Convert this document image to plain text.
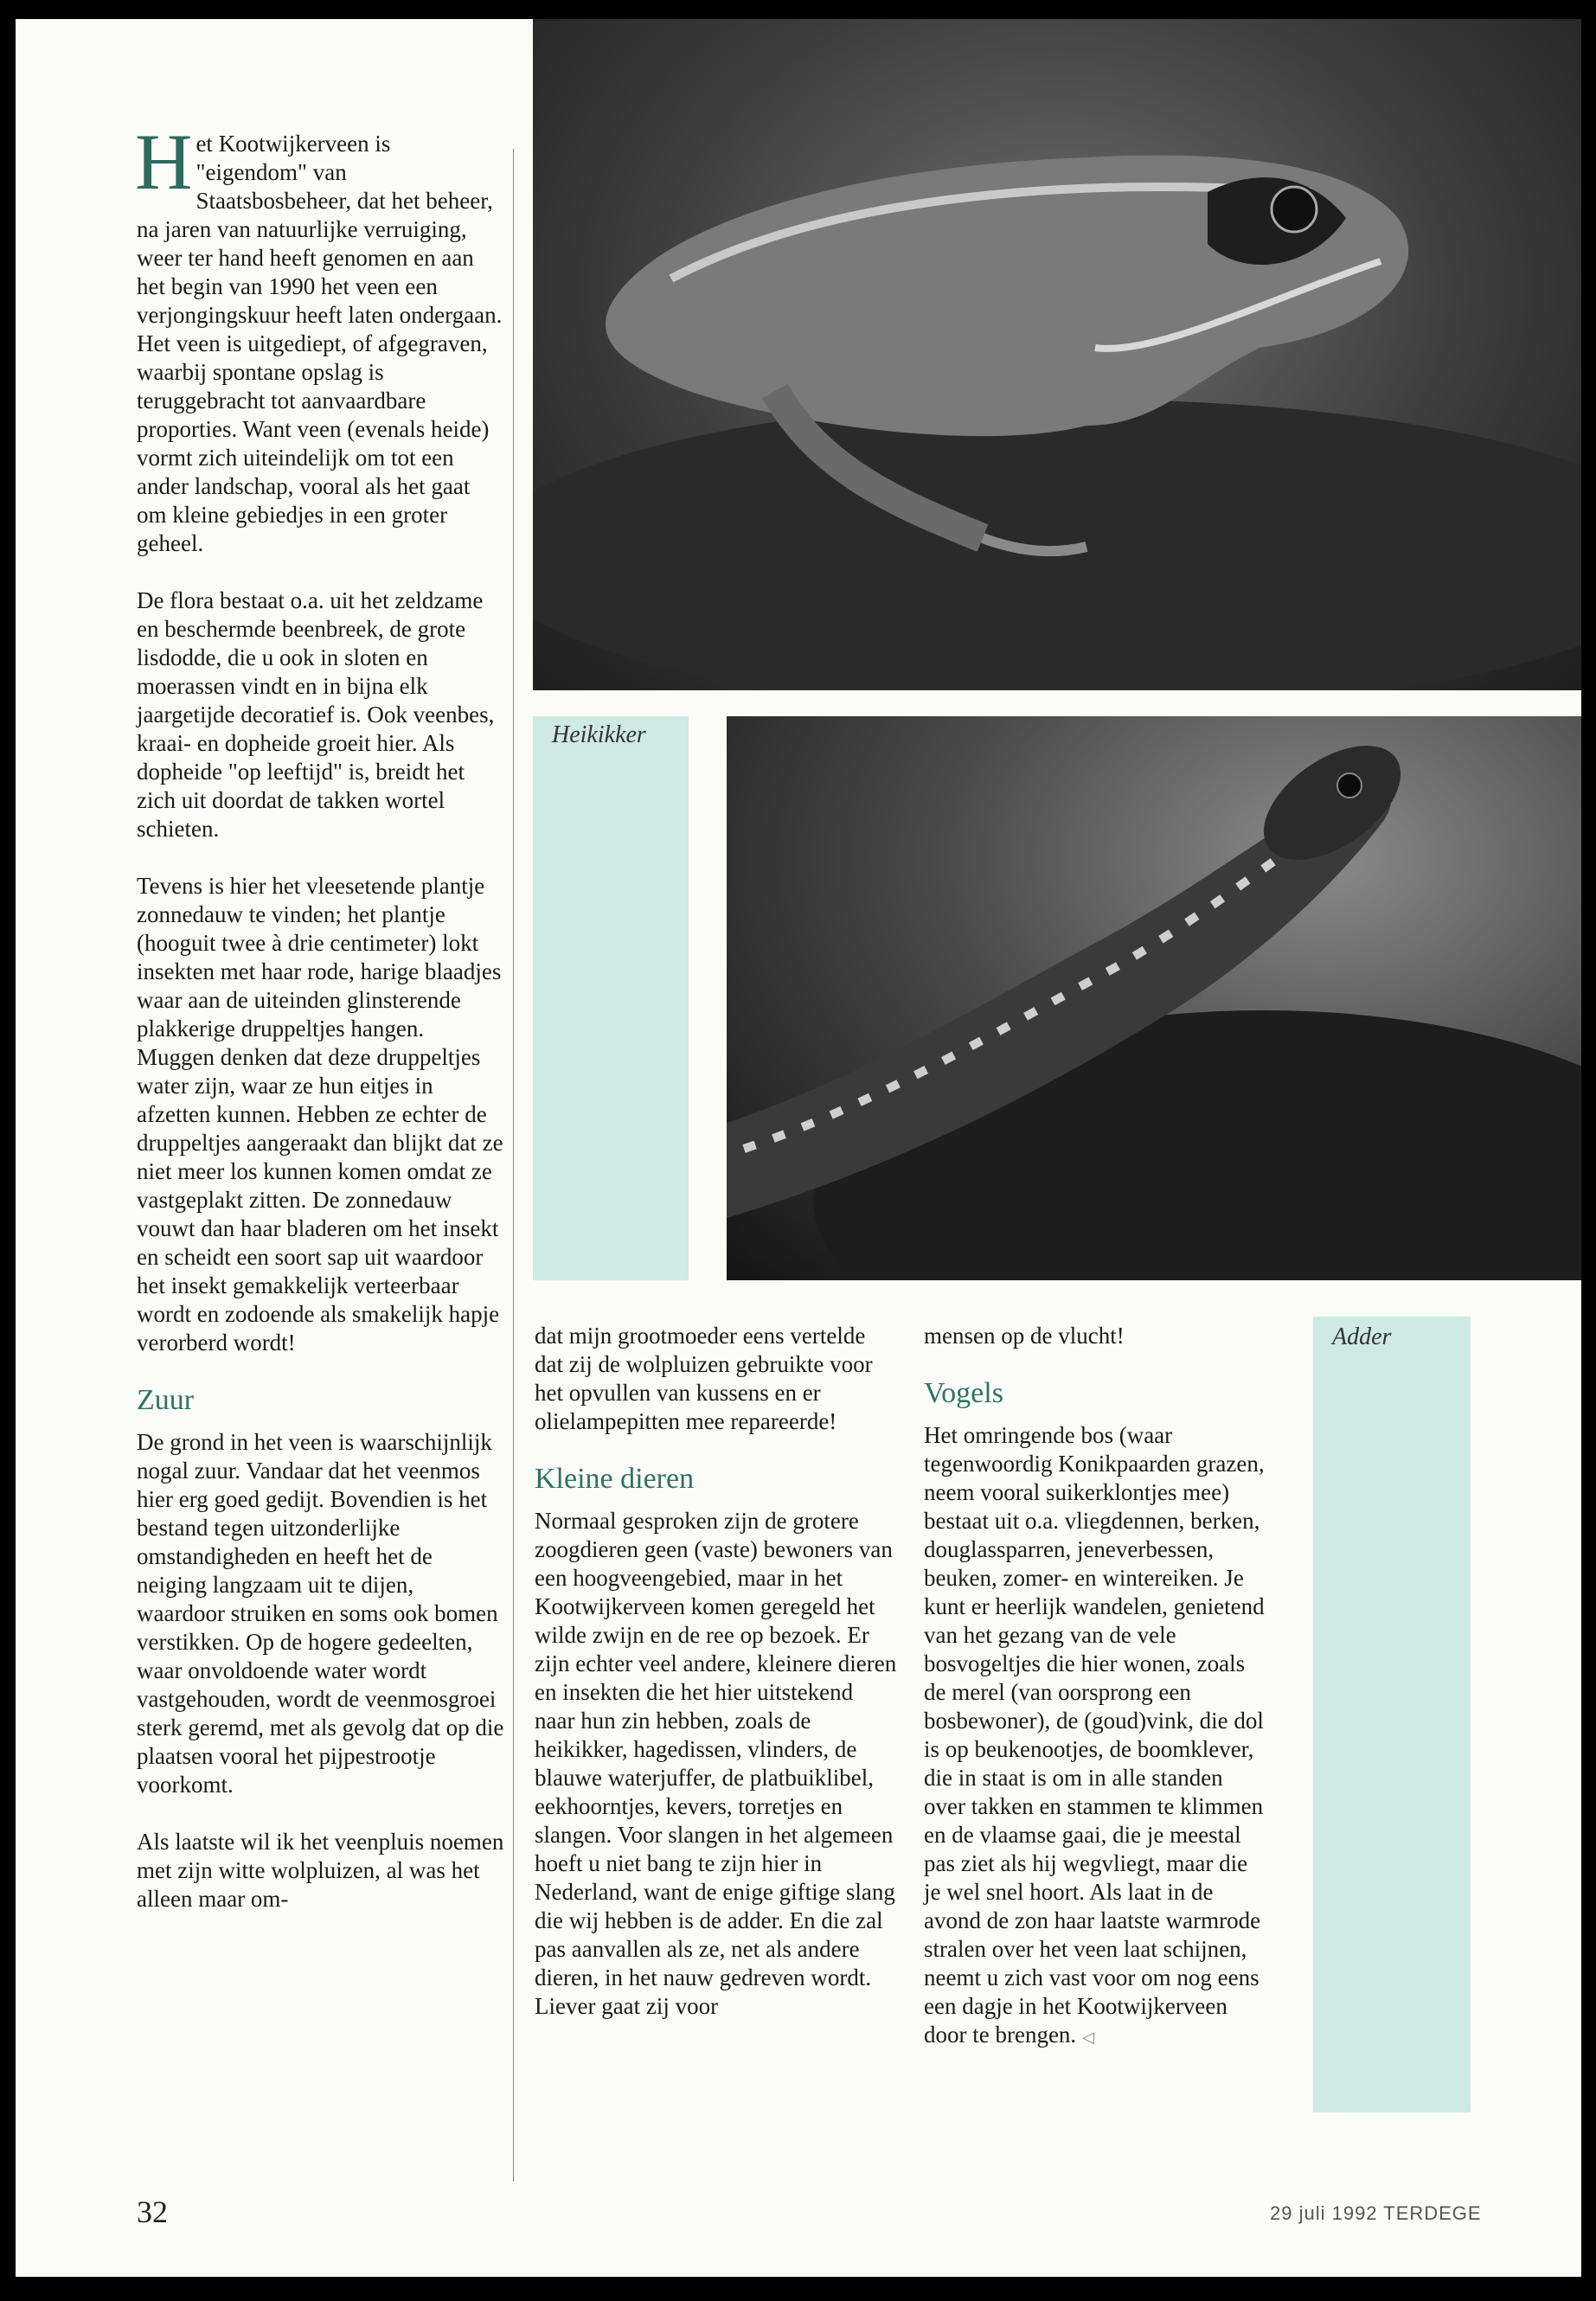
Het Kootwijkerveen is "eigendom" van Staatsbosbeheer, dat het beheer, na jaren van natuurlijke verruiging, weer ter hand heeft genomen en aan het begin van 1990 het veen een verjongingskuur heeft laten ondergaan. Het veen is uitgediept, of afgegraven, waarbij spontane opslag is teruggebracht tot aanvaardbare proporties. Want veen (evenals heide) vormt zich uiteindelijk om tot een ander landschap, vooral als het gaat om kleine gebiedjes in een groter geheel.

De flora bestaat o.a. uit het zeldzame en beschermde beenbreek, de grote lisdodde, die u ook in sloten en moerassen vindt en in bijna elk jaargetijde decoratief is. Ook veenbes, kraai- en dopheide groeit hier. Als dopheide "op leeftijd" is, breidt het zich uit doordat de takken wortel schieten.

Tevens is hier het vleesetende plantje zonnedauw te vinden; het plantje (hooguit twee à drie centimeter) lokt insekten met haar rode, harige blaadjes waar aan de uiteinden glinsterende plakkerige druppeltjes hangen. Muggen denken dat deze druppeltjes water zijn, waar ze hun eitjes in afzetten kunnen. Hebben ze echter de druppeltjes aangeraakt dan blijkt dat ze niet meer los kunnen komen omdat ze vastgeplakt zitten. De zonnedauw vouwt dan haar bladeren om het insekt en scheidt een soort sap uit waardoor het insekt gemakkelijk verteerbaar wordt en zodoende als smakelijk hapje verorberd wordt!

Zuur

De grond in het veen is waarschijnlijk nogal zuur. Vandaar dat het veenmos hier erg goed gedijt. Bovendien is het bestand tegen uitzonderlijke omstandigheden en heeft het de neiging langzaam uit te dijen, waardoor struiken en soms ook bomen verstikken. Op de hogere gedeelten, waar onvoldoende water wordt vastgehouden, wordt de veenmosgroei sterk geremd, met als gevolg dat op die plaatsen vooral het pijpestrootje voorkomt.

Als laatste wil ik het veenpluis noemen met zijn witte wolpluizen, al was het alleen maar om-

Heikikker

dat mijn grootmoeder eens vertelde dat zij de wolpluizen gebruikte voor het opvullen van kussens en er olielampepitten mee repareerde!

Kleine dieren

Normaal gesproken zijn de grotere zoogdieren geen (vaste) bewoners van een hoogveengebied, maar in het Kootwijkerveen komen geregeld het wilde zwijn en de ree op bezoek. Er zijn echter veel andere, kleinere dieren en insekten die het hier uitstekend naar hun zin hebben, zoals de heikikker, hagedissen, vlinders, de blauwe waterjuffer, de platbuiklibel, eekhoorntjes, kevers, torretjes en slangen. Voor slangen in het algemeen hoeft u niet bang te zijn hier in Nederland, want de enige giftige slang die wij hebben is de adder. En die zal pas aanvallen als ze, net als andere dieren, in het nauw gedreven wordt. Liever gaat zij voor

mensen op de vlucht!

Vogels

Het omringende bos (waar tegenwoordig Konikpaarden grazen, neem vooral suikerklontjes mee) bestaat uit o.a. vliegdennen, berken, douglassparren, jeneverbessen, beuken, zomer- en wintereiken. Je kunt er heerlijk wandelen, genietend van het gezang van de vele bosvogeltjes die hier wonen, zoals de merel (van oorsprong een bosbewoner), de (goud)vink, die dol is op beukenootjes, de boomklever, die in staat is om in alle standen over takken en stammen te klimmen en de vlaamse gaai, die je meestal pas ziet als hij wegvliegt, maar die je wel snel hoort. Als laat in de avond de zon haar laatste warmrode stralen over het veen laat schijnen, neemt u zich vast voor om nog eens een dagje in het Kootwijkerveen door te brengen. ◁

Adder
32	29 juli 1992 TERDEGE
